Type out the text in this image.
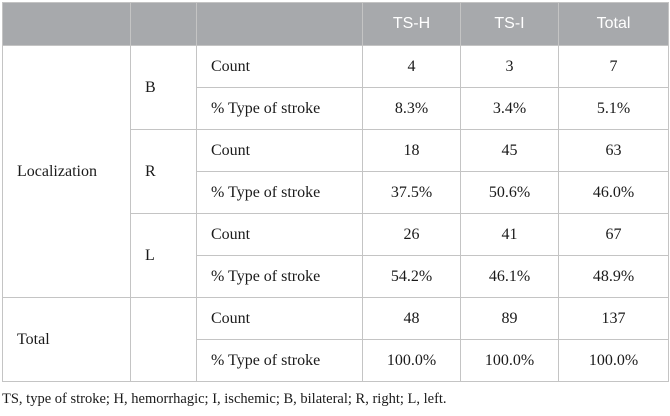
			TS-H	TS-I	Total
Localization	B	Count	4	3	7
		% Type of stroke	8.3%	3.4%	5.1%
	R	Count	18	45	63
		% Type of stroke	37.5%	50.6%	46.0%
	L	Count	26	41	67
		% Type of stroke	54.2%	46.1%	48.9%
Total		Count	48	89	137
		% Type of stroke	100.0%	100.0%	100.0%
TS, type of stroke; H, hemorrhagic; I, ischemic; B, bilateral; R, right; L, left.
